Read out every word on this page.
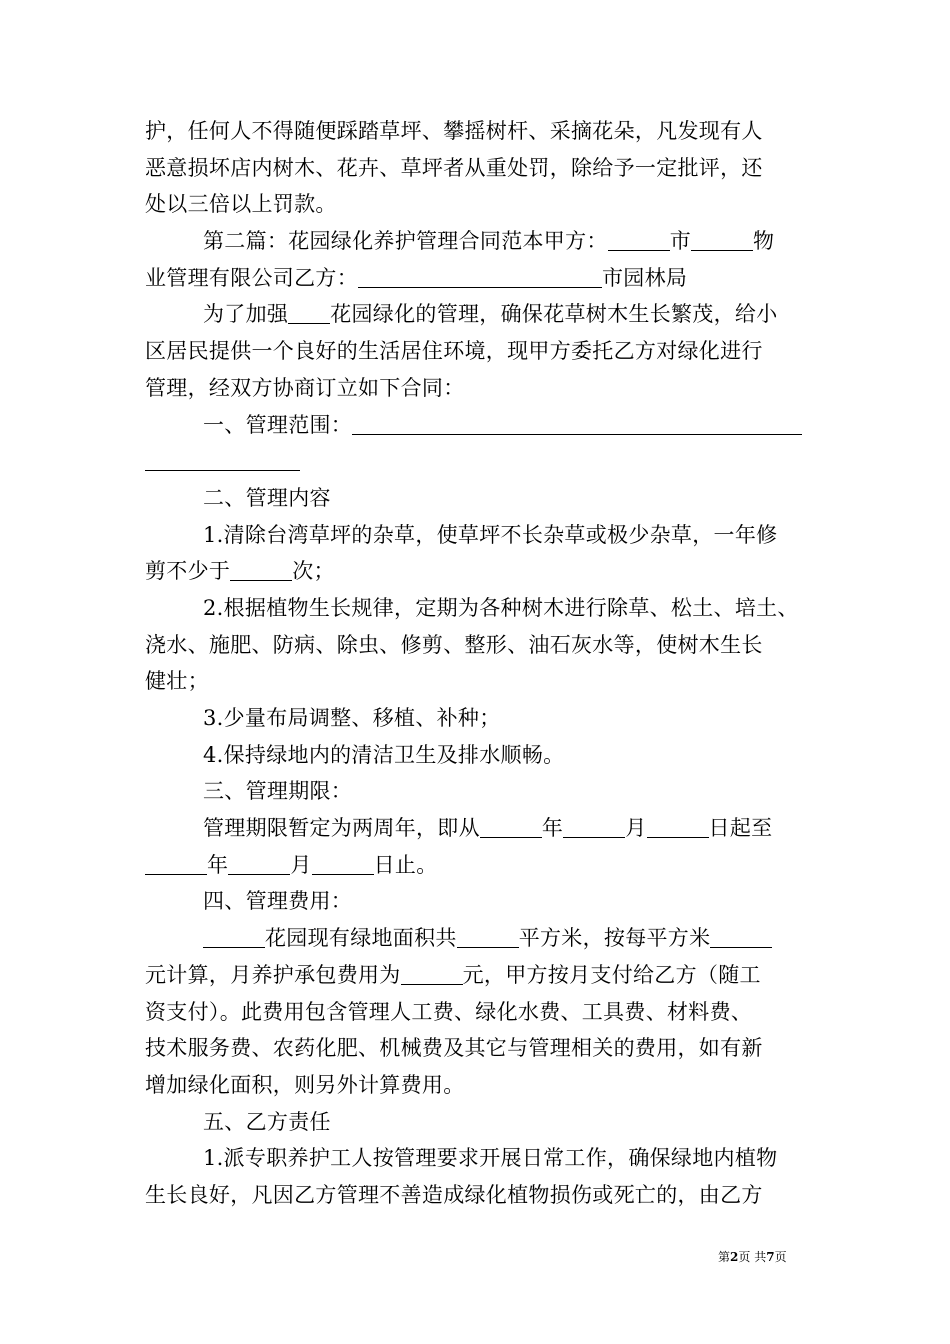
护，任何人不得随便踩踏草坪、攀摇树杆、采摘花朵，凡发现有人
恶意损坏店内树木、花卉、草坪者从重处罚，除给予一定批评，还
处以三倍以上罚款。
第二篇：花园绿化养护管理合同范本甲方：	市	物
业管理有限公司乙方：	市园林局
为了加强 花园绿化的管理，确保花草树木生长繁茂，给小
区居民提供一个良好的生活居住环境，现甲方委托乙方对绿化进行
管理，经双方协商订立如下合同：
一、管理范围：
二、管理内容
1.清除台湾草坪的杂草，使草坪不长杂草或极少杂草，一年修
剪不少于	次；
2.根据植物生长规律，定期为各种树木进行除草、松土、培土、
浇水、施肥、防病、除虫、修剪、整形、油石灰水等，使树木生长
健壮；
3.少量布局调整、移植、补种；
4.保持绿地内的清洁卫生及排水顺畅。
三、管理期限：
管理期限暂定为两周年，即从	年	月	日起至
年	月	日止。
四、管理费用：
花园现有绿地面积共	平方米，按每平方米
元计算，月养护承包费用为	元，甲方按月支付给乙方（随工
资支付）。此费用包含管理人工费、绿化水费、工具费、材料费、
技术服务费、农药化肥、机械费及其它与管理相关的费用，如有新
增加绿化面积，则另外计算费用。
五、乙方责任
1.派专职养护工人按管理要求开展日常工作，确保绿地内植物
生长良好，凡因乙方管理不善造成绿化植物损伤或死亡的，由乙方
第2页 共7页
